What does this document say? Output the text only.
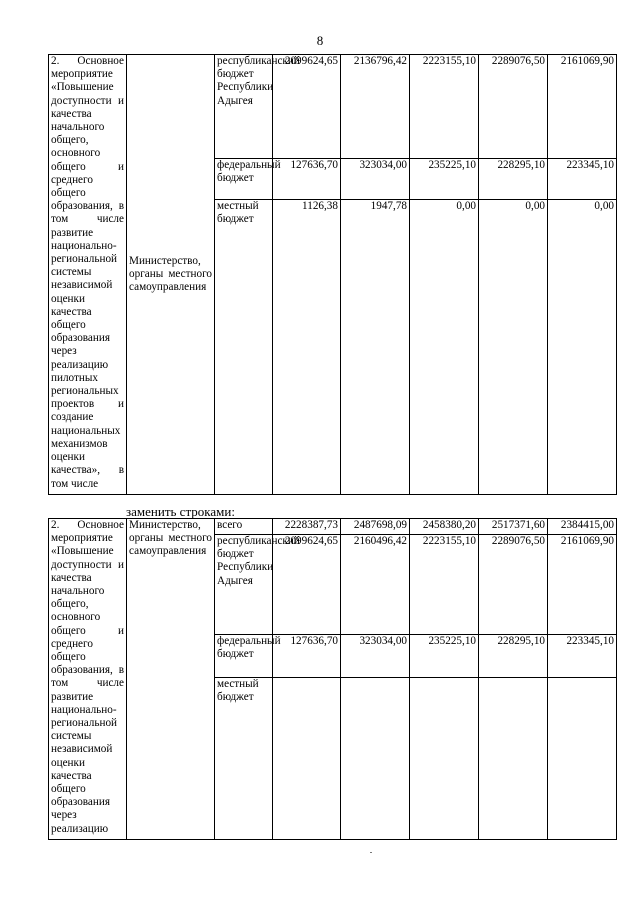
8
2. Основное мероприятие «Повышение доступности и качества начального общего, основного общего и среднего общего образования, в том числе развитие национально-региональной системы независимой оценки качества общего образования через реализацию пилотных региональных проектов и создание национальных механизмов оценки качества», в том числе	Министерство, органы местного самоуправления	республиканский бюджет Республики Адыгея	2099624,65	2136796,42	2223155,10	2289076,50	2161069,90
		федеральный бюджет	127636,70	323034,00	235225,10	228295,10	223345,10
		местный бюджет	1126,38	1947,78	0,00	0,00	0,00
заменить строками:
2. Основное мероприятие «Повышение доступности и качества начального общего, основного общего и среднего общего образования, в том числе развитие национально-региональной системы независимой оценки качества общего образования через реализацию	Министерство, органы местного самоуправления	всего	2228387,73	2487698,09	2458380,20	2517371,60	2384415,00
		республиканский бюджет Республики Адыгея	2099624,65	2160496,42	2223155,10	2289076,50	2161069,90
		федеральный бюджет	127636,70	323034,00	235225,10	228295,10	223345,10
		местный бюджет					
